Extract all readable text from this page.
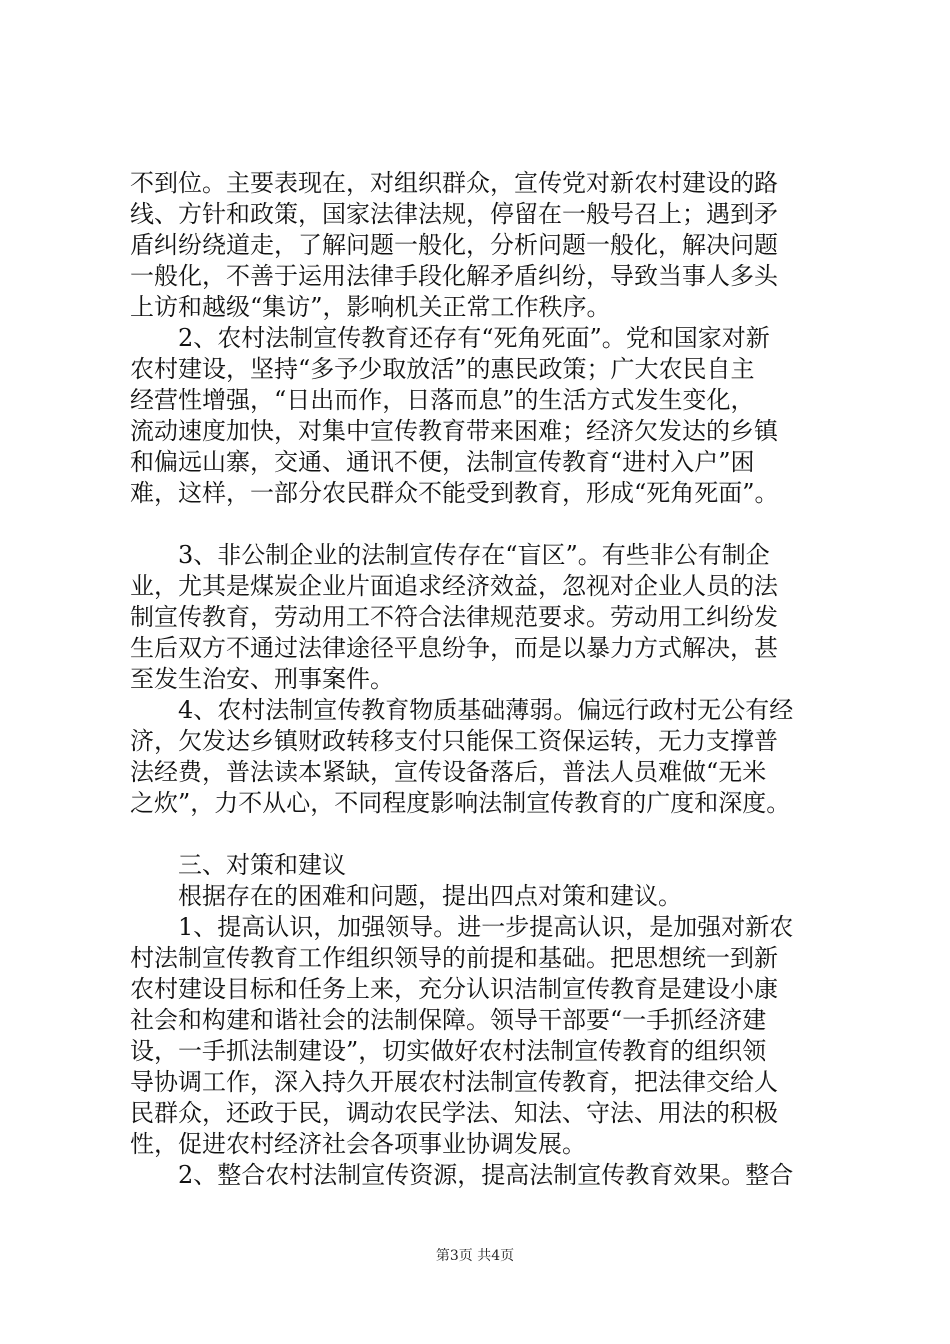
不到位。主要表现在，对组织群众，宣传党对新农村建设的路
线、方针和政策，国家法律法规，停留在一般号召上；遇到矛
盾纠纷绕道走，了解问题一般化，分析问题一般化，解决问题
一般化，不善于运用法律手段化解矛盾纠纷，导致当事人多头
上访和越级“集访”，影响机关正常工作秩序。
　　2、农村法制宣传教育还存有“死角死面”。党和国家对新
农村建设，坚持“多予少取放活”的惠民政策；广大农民自主
经营性增强，“日出而作，日落而息”的生活方式发生变化，
流动速度加快，对集中宣传教育带来困难；经济欠发达的乡镇
和偏远山寨，交通、通讯不便，法制宣传教育“进村入户”困
难，这样，一部分农民群众不能受到教育，形成“死角死面”。
　　3、非公制企业的法制宣传存在“盲区”。有些非公有制企
业，尤其是煤炭企业片面追求经济效益，忽视对企业人员的法
制宣传教育，劳动用工不符合法律规范要求。劳动用工纠纷发
生后双方不通过法律途径平息纷争，而是以暴力方式解决，甚
至发生治安、刑事案件。
　　4、农村法制宣传教育物质基础薄弱。偏远行政村无公有经
济，欠发达乡镇财政转移支付只能保工资保运转，无力支撑普
法经费，普法读本紧缺，宣传设备落后，普法人员难做“无米
之炊”，力不从心，不同程度影响法制宣传教育的广度和深度。
　　三、对策和建议
　　根据存在的困难和问题，提出四点对策和建议。
　　1、提高认识，加强领导。进一步提高认识，是加强对新农
村法制宣传教育工作组织领导的前提和基础。把思想统一到新
农村建设目标和任务上来，充分认识洁制宣传教育是建设小康
社会和构建和谐社会的法制保障。领导干部要“一手抓经济建
设，一手抓法制建设”，切实做好农村法制宣传教育的组织领
导协调工作，深入持久开展农村法制宣传教育，把法律交给人
民群众，还政于民，调动农民学法、知法、守法、用法的积极
性，促进农村经济社会各项事业协调发展。
　　2、整合农村法制宣传资源，提高法制宣传教育效果。整合
第3页 共4页
